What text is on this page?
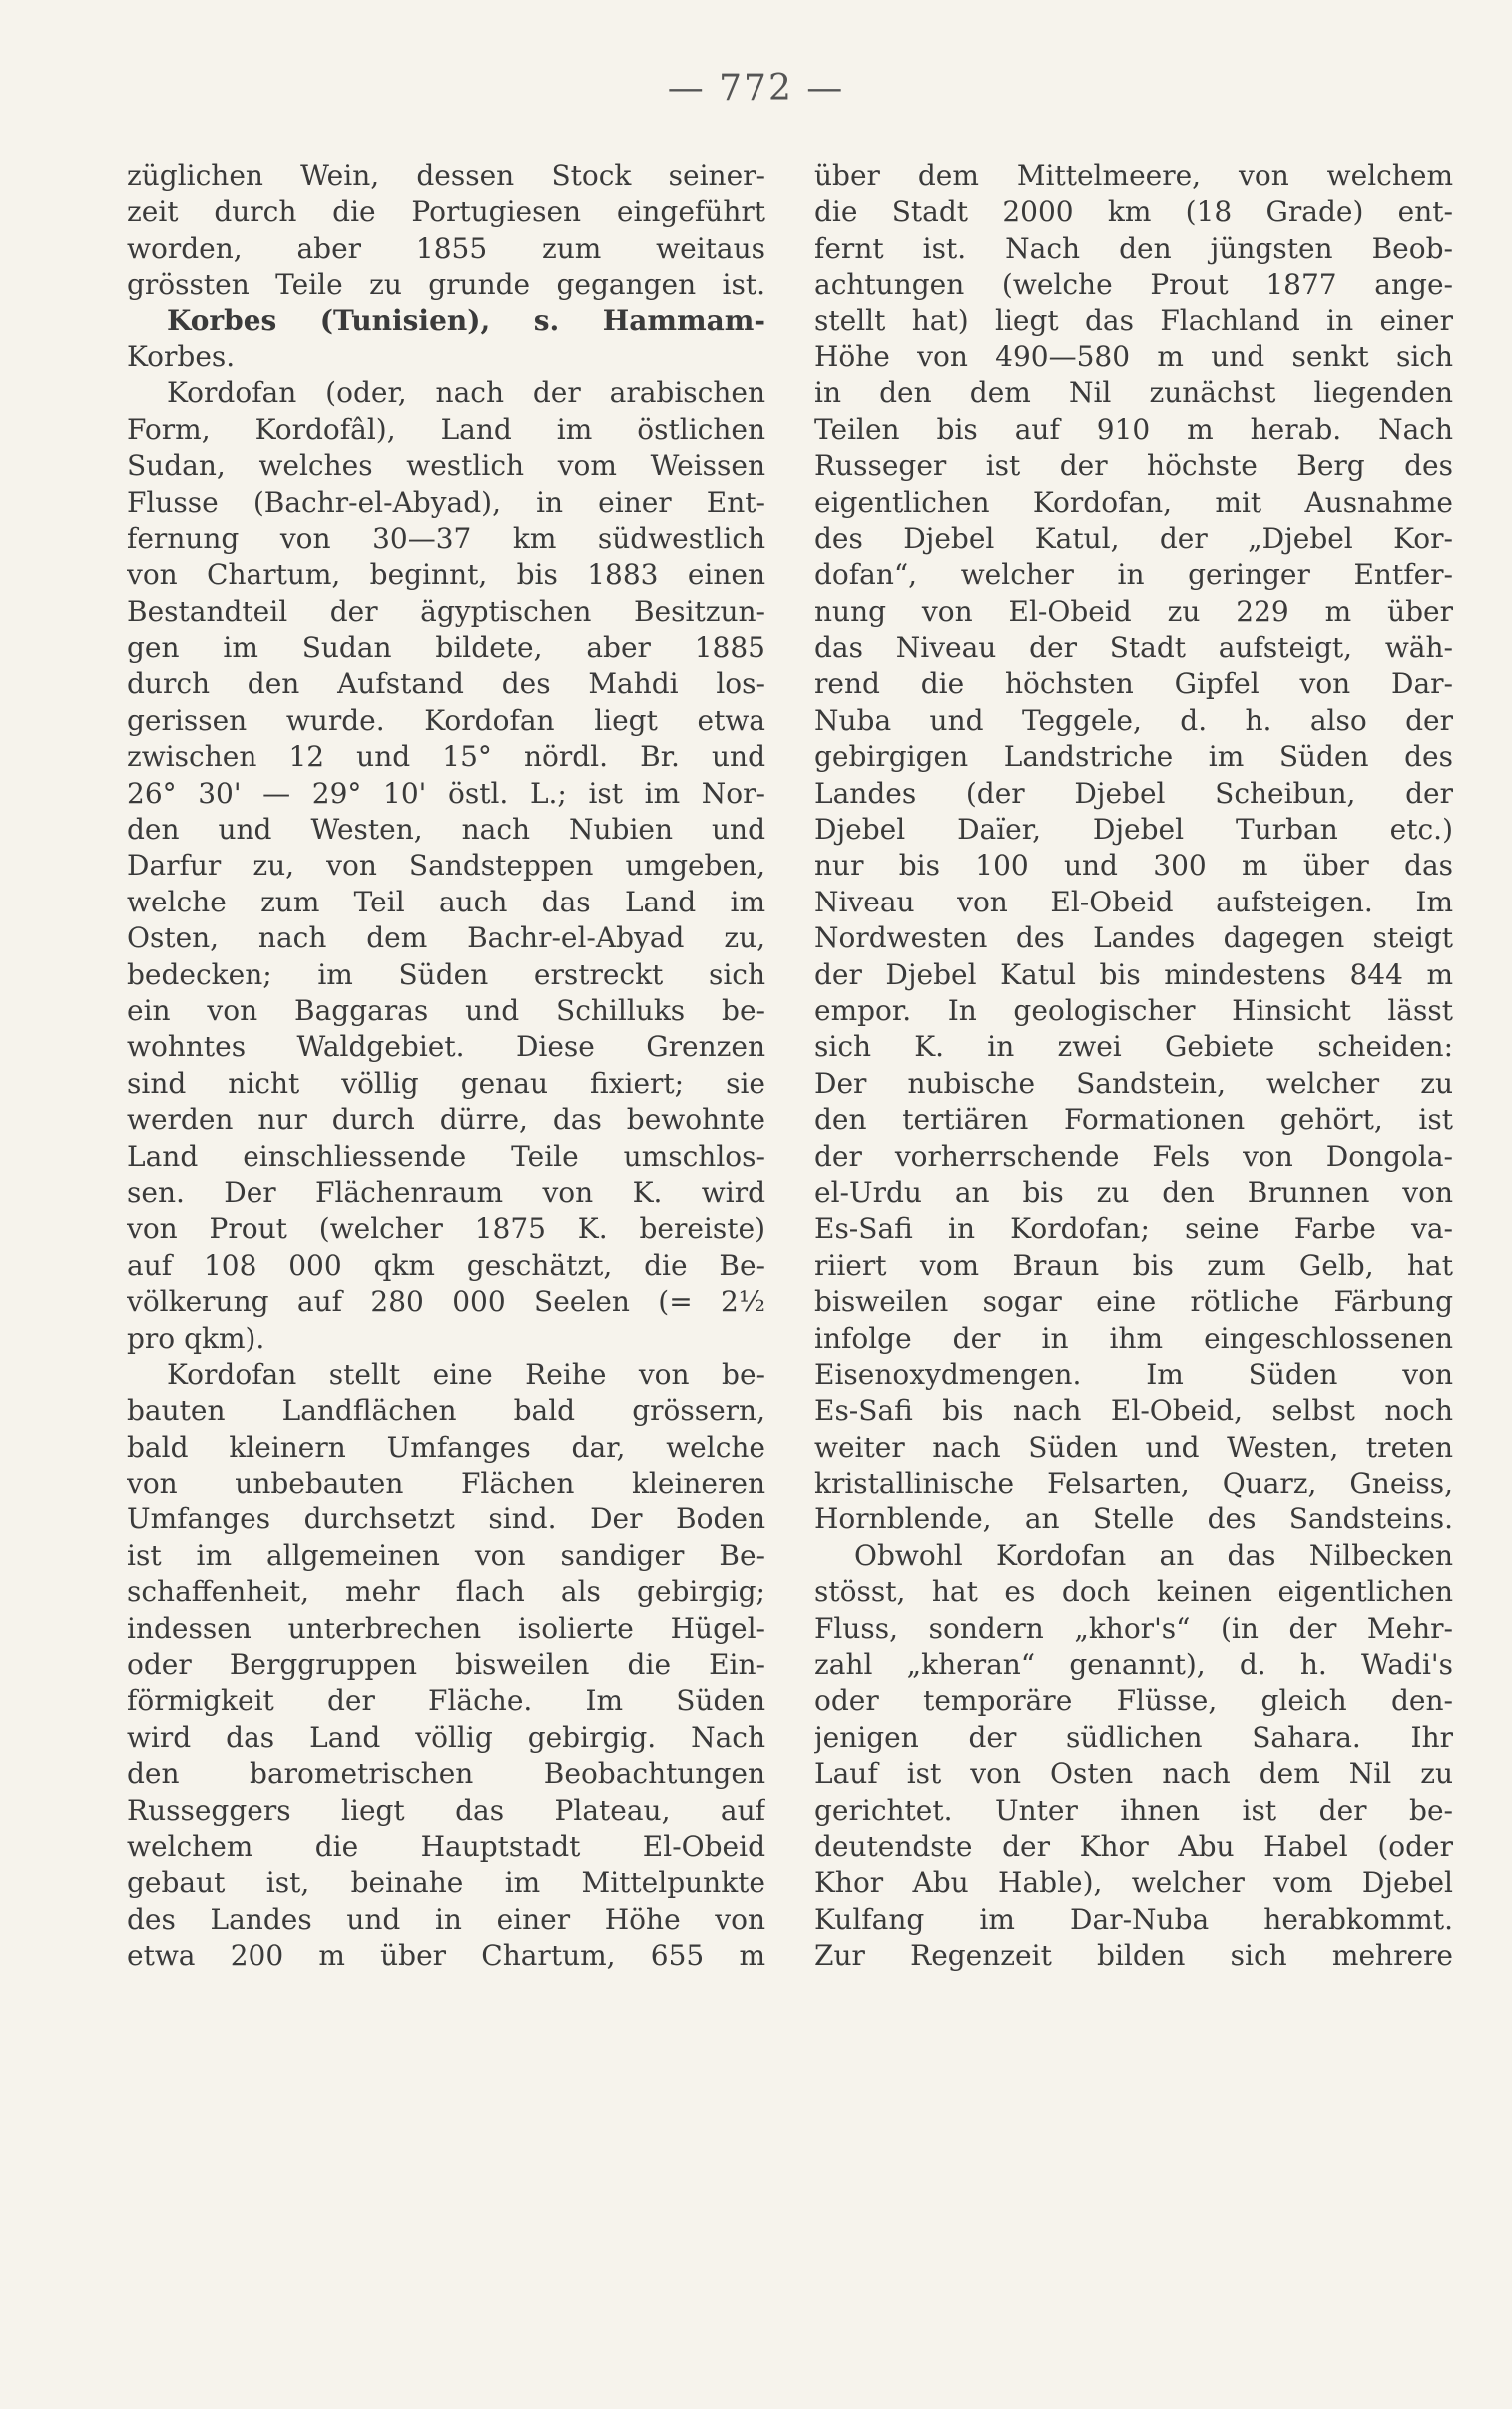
— 772 —
züglichen Wein, dessen Stock seiner-
zeit durch die Portugiesen eingeführt
worden, aber 1855 zum weitaus
grössten Teile zu grunde gegangen ist.
Korbes (Tunisien), s. Hammam-
Korbes.
Kordofan (oder, nach der arabischen
Form, Kordofâl), Land im östlichen
Sudan, welches westlich vom Weissen
Flusse (Bachr-el-Abyad), in einer Ent-
fernung von 30—37 km südwestlich
von Chartum, beginnt, bis 1883 einen
Bestandteil der ägyptischen Besitzun-
gen im Sudan bildete, aber 1885
durch den Aufstand des Mahdi los-
gerissen wurde. Kordofan liegt etwa
zwischen 12 und 15° nördl. Br. und
26° 30' — 29° 10' östl. L.; ist im Nor-
den und Westen, nach Nubien und
Darfur zu, von Sandsteppen umgeben,
welche zum Teil auch das Land im
Osten, nach dem Bachr-el-Abyad zu,
bedecken; im Süden erstreckt sich
ein von Baggaras und Schilluks be-
wohntes Waldgebiet. Diese Grenzen
sind nicht völlig genau fixiert; sie
werden nur durch dürre, das bewohnte
Land einschliessende Teile umschlos-
sen. Der Flächenraum von K. wird
von Prout (welcher 1875 K. bereiste)
auf 108 000 qkm geschätzt, die Be-
völkerung auf 280 000 Seelen (= 2½
pro qkm).
Kordofan stellt eine Reihe von be-
bauten Landflächen bald grössern,
bald kleinern Umfanges dar, welche
von unbebauten Flächen kleineren
Umfanges durchsetzt sind. Der Boden
ist im allgemeinen von sandiger Be-
schaffenheit, mehr flach als gebirgig;
indessen unterbrechen isolierte Hügel-
oder Berggruppen bisweilen die Ein-
förmigkeit der Fläche. Im Süden
wird das Land völlig gebirgig. Nach
den barometrischen Beobachtungen
Russeggers liegt das Plateau, auf
welchem die Hauptstadt El-Obeid
gebaut ist, beinahe im Mittelpunkte
des Landes und in einer Höhe von
etwa 200 m über Chartum, 655 m
über dem Mittelmeere, von welchem
die Stadt 2000 km (18 Grade) ent-
fernt ist. Nach den jüngsten Beob-
achtungen (welche Prout 1877 ange-
stellt hat) liegt das Flachland in einer
Höhe von 490—580 m und senkt sich
in den dem Nil zunächst liegenden
Teilen bis auf 910 m herab. Nach
Russeger ist der höchste Berg des
eigentlichen Kordofan, mit Ausnahme
des Djebel Katul, der „Djebel Kor-
dofan“, welcher in geringer Entfer-
nung von El-Obeid zu 229 m über
das Niveau der Stadt aufsteigt, wäh-
rend die höchsten Gipfel von Dar-
Nuba und Teggele, d. h. also der
gebirgigen Landstriche im Süden des
Landes (der Djebel Scheibun, der
Djebel Daïer, Djebel Turban etc.)
nur bis 100 und 300 m über das
Niveau von El-Obeid aufsteigen. Im
Nordwesten des Landes dagegen steigt
der Djebel Katul bis mindestens 844 m
empor. In geologischer Hinsicht lässt
sich K. in zwei Gebiete scheiden:
Der nubische Sandstein, welcher zu
den tertiären Formationen gehört, ist
der vorherrschende Fels von Dongola-
el-Urdu an bis zu den Brunnen von
Es-Safi in Kordofan; seine Farbe va-
riiert vom Braun bis zum Gelb, hat
bisweilen sogar eine rötliche Färbung
infolge der in ihm eingeschlossenen
Eisenoxydmengen. Im Süden von
Es-Safi bis nach El-Obeid, selbst noch
weiter nach Süden und Westen, treten
kristallinische Felsarten, Quarz, Gneiss,
Hornblende, an Stelle des Sandsteins.
Obwohl Kordofan an das Nilbecken
stösst, hat es doch keinen eigentlichen
Fluss, sondern „khor's“ (in der Mehr-
zahl „kheran“ genannt), d. h. Wadi's
oder temporäre Flüsse, gleich den-
jenigen der südlichen Sahara. Ihr
Lauf ist von Osten nach dem Nil zu
gerichtet. Unter ihnen ist der be-
deutendste der Khor Abu Habel (oder
Khor Abu Hable), welcher vom Djebel
Kulfang im Dar-Nuba herabkommt.
Zur Regenzeit bilden sich mehrere
